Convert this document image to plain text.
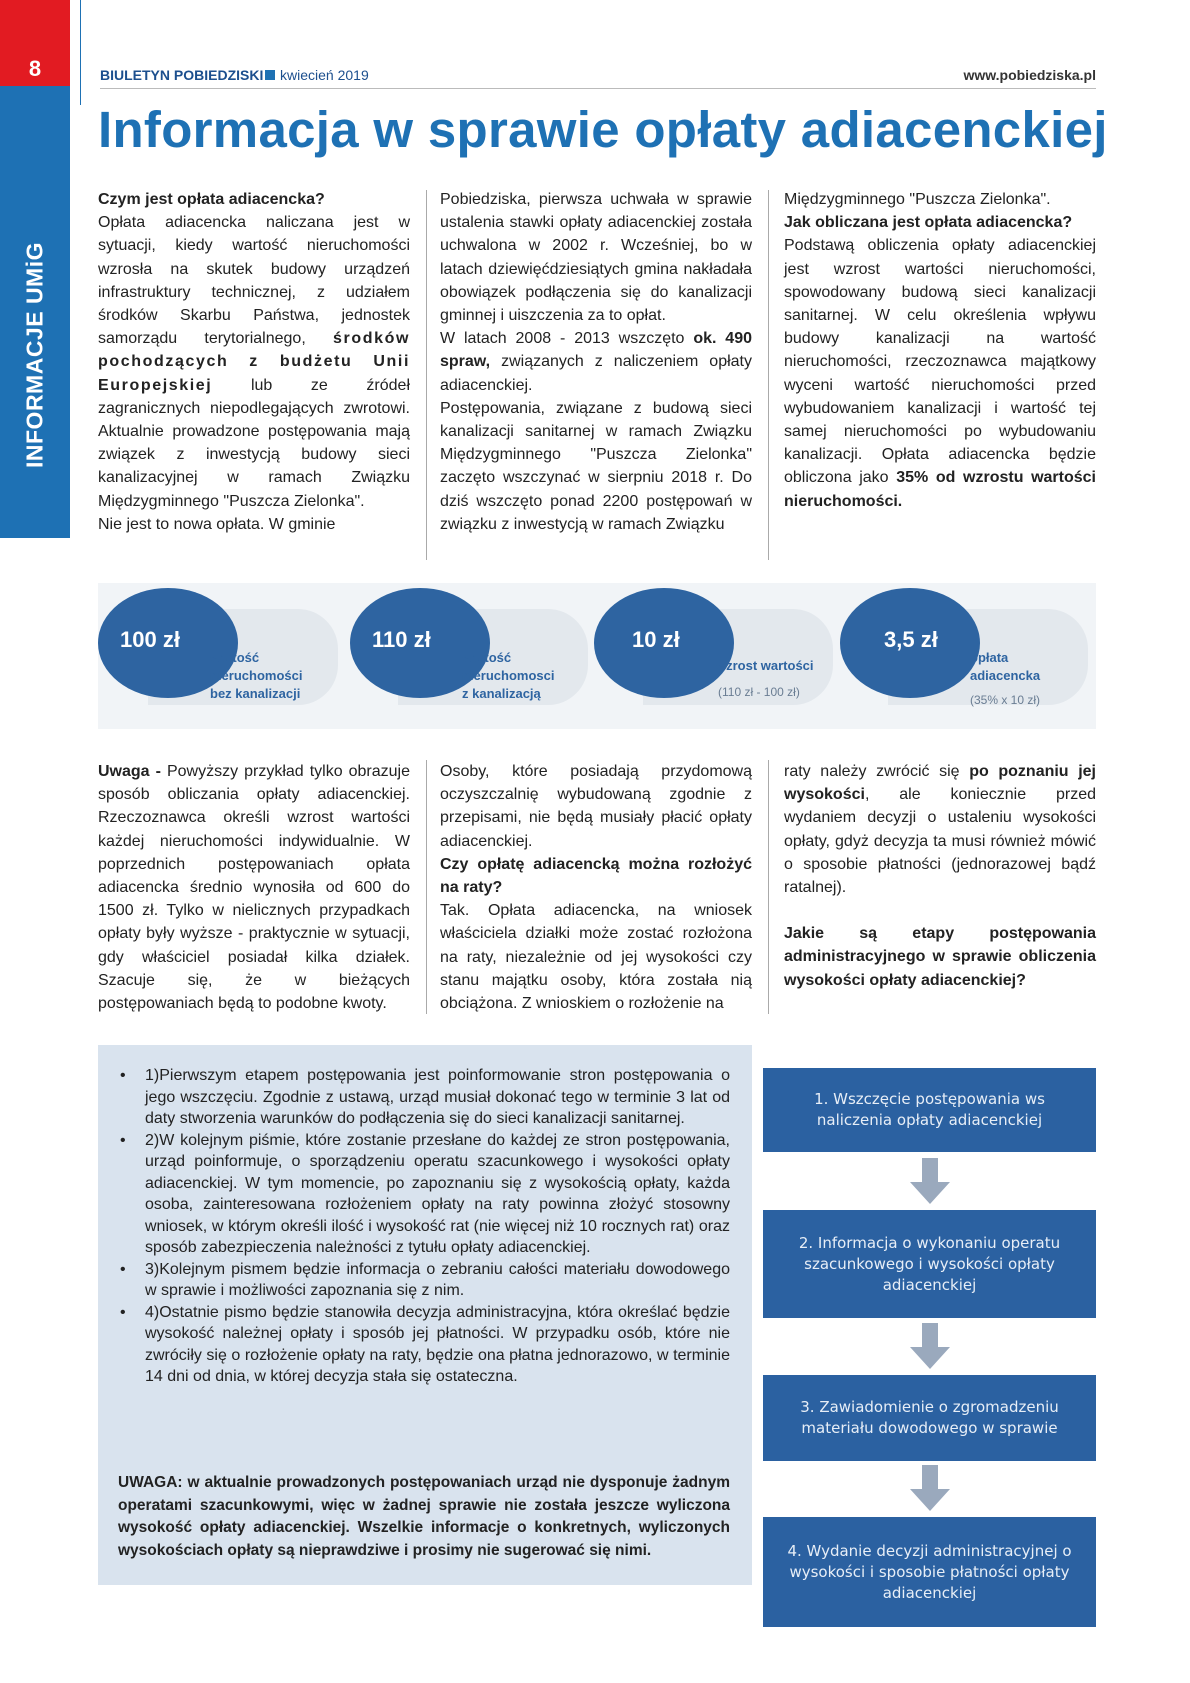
8
INFORMACJE UMiG
BIULETYN POBIEDZISKI kwiecień 2019	www.pobiedziska.pl
Informacja w sprawie opłaty adiacenckiej

Czym jest opłata adiacencka?

Opłata adiacencka naliczana jest w sytuacji, kiedy wartość nieruchomości wzrosła na skutek budowy urządzeń infrastruktury technicznej, z udziałem środków Skarbu Państwa, jednostek samorządu terytorialnego, środków pochodzących z budżetu Unii Europejskiej lub ze źródeł zagranicznych niepodlegających zwrotowi. Aktualnie prowadzone postępowania mają związek z inwestycją budowy sieci kanalizacyjnej w ramach Związku Międzygminnego "Puszcza Zielonka".

Nie jest to nowa opłata. W gminie

Pobiedziska, pierwsza uchwała w sprawie ustalenia stawki opłaty adiacenckiej została uchwalona w 2002 r. Wcześniej, bo w latach dziewięćdziesiątych gmina nakładała obowiązek podłączenia się do kanalizacji gminnej i uiszczenia za to opłat.

W latach 2008 - 2013 wszczęto ok. 490 spraw, związanych z naliczeniem opłaty adiacenckiej.

Postępowania, związane z budową sieci kanalizacji sanitarnej w ramach Związku Międzygminnego "Puszcza Zielonka" zaczęto wszczynać w sierpniu 2018 r. Do dziś wszczęto ponad 2200 postępowań w związku z inwestycją w ramach Związku

Międzygminnego "Puszcza Zielonka".

Jak obliczana jest opłata adiacencka?

Podstawą obliczenia opłaty adiacenckiej jest wzrost wartości nieruchomości, spowodowany budową sieci kanalizacji sanitarnej. W celu określenia wpływu budowy kanalizacji na wartość nieruchomości, rzeczoznawca majątkowy wyceni wartość nieruchomości przed wybudowaniem kanalizacji i wartość tej samej nieruchomości po wybudowaniu kanalizacji. Opłata adiacencka będzie obliczona jako 35% od wzrostu wartości nieruchomości.

100 zł
wartość
nieruchomości
bez kanalizacji
110 zł
wartość
nieruchomosci
z kanalizacją
10 zł
wzrost wartości
(110 zł - 100 zł)
3,5 zł
opłata
adiacencka
(35% x 10 zł)

Uwaga - Powyższy przykład tylko obrazuje sposób obliczania opłaty adiacenckiej. Rzeczoznawca określi wzrost wartości każdej nieruchomości indywidualnie. W poprzednich postępowaniach opłata adiacencka średnio wynosiła od 600 do 1500 zł. Tylko w nielicznych przypadkach opłaty były wyższe - praktycznie w sytuacji, gdy właściciel posiadał kilka działek. Szacuje się, że w bieżących postępowaniach będą to podobne kwoty.

Osoby, które posiadają przydomową oczyszczalnię wybudowaną zgodnie z przepisami, nie będą musiały płacić opłaty adiacenckiej.

Czy opłatę adiacencką można rozłożyć na raty?

Tak. Opłata adiacencka, na wniosek właściciela działki może zostać rozłożona na raty, niezależnie od jej wysokości czy stanu majątku osoby, która została nią obciążona. Z wnioskiem o rozłożenie na

raty należy zwrócić się po poznaniu jej wysokości, ale koniecznie przed wydaniem decyzji o ustaleniu wysokości opłaty, gdyż decyzja ta musi również mówić o sposobie płatności (jednorazowej bądź ratalnej).

Jakie są etapy postępowania administracyjnego w sprawie obliczenia wysokości opłaty adiacenckiej?

• 1)Pierwszym etapem postępowania jest poinformowanie stron postępowania o jego wszczęciu. Zgodnie z ustawą, urząd musiał dokonać tego w terminie 3 lat od daty stworzenia warunków do podłączenia się do sieci kanalizacji sanitarnej.
• 2)W kolejnym piśmie, które zostanie przesłane do każdej ze stron postępowania, urząd poinformuje, o sporządzeniu operatu szacunkowego i wysokości opłaty adiacenckiej. W tym momencie, po zapoznaniu się z wysokością opłaty, każda osoba, zainteresowana rozłożeniem opłaty na raty powinna złożyć stosowny wniosek, w którym określi ilość i wysokość rat (nie więcej niż 10 rocznych rat) oraz sposób zabezpieczenia należności z tytułu opłaty adiacenckiej.
• 3)Kolejnym pismem będzie informacja o zebraniu całości materiału dowodowego w sprawie i możliwości zapoznania się z nim.
• 4)Ostatnie pismo będzie stanowiła decyzja administracyjna, która określać będzie wysokość należnej opłaty i sposób jej płatności. W przypadku osób, które nie zwróciły się o rozłożenie opłaty na raty, będzie ona płatna jednorazowo, w terminie 14 dni od dnia, w której decyzja stała się ostateczna.
UWAGA: w aktualnie prowadzonych postępowaniach urząd nie dysponuje żadnym operatami szacunkowymi, więc w żadnej sprawie nie została jeszcze wyliczona wysokość opłaty adiacenckiej. Wszelkie informacje o konkretnych, wyliczonych wysokościach opłaty są nieprawdziwe i prosimy nie sugerować się nimi.
1. Wszczęcie postępowania ws naliczenia opłaty adiacenckiej
2. Informacja o wykonaniu operatu szacunkowego i wysokości opłaty adiacenckiej
3. Zawiadomienie o zgromadzeniu materiału dowodowego w sprawie
4. Wydanie decyzji administracyjnej o wysokości i sposobie płatności opłaty adiacenckiej
